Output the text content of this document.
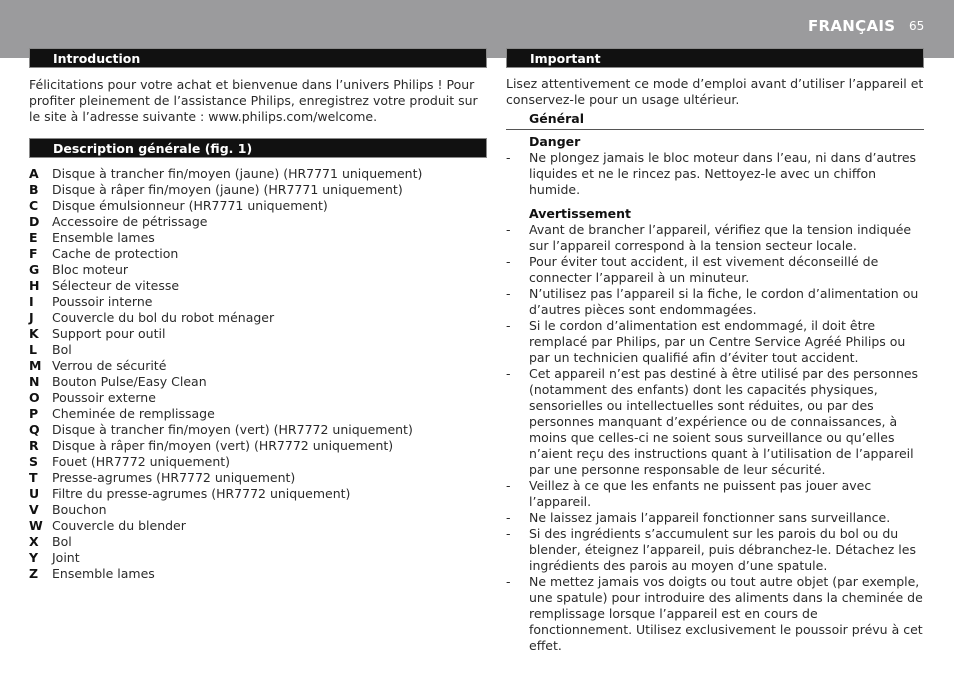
FRANÇAIS 65
Introduction

Félicitations pour votre achat et bienvenue dans l’univers Philips ! Pour profiter pleinement de l’assistance Philips, enregistrez votre produit sur le site à l’adresse suivante : www.philips.com/welcome.

Description générale (fig. 1)
A	Disque à trancher fin/moyen (jaune) (HR7771 uniquement)
B	Disque à râper fin/moyen (jaune) (HR7771 uniquement)
C	Disque émulsionneur (HR7771 uniquement)
D	Accessoire de pétrissage
E	Ensemble lames
F	Cache de protection
G	Bloc moteur
H	Sélecteur de vitesse
I	Poussoir interne
J	Couvercle du bol du robot ménager
K	Support pour outil
L	Bol
M Verrou de sécurité
N	Bouton Pulse/Easy Clean
O Poussoir externe
P	Cheminée de remplissage
Q Disque à trancher fin/moyen (vert) (HR7772 uniquement)
R	Disque à râper fin/moyen (vert) (HR7772 uniquement)
S	Fouet (HR7772 uniquement)
T	Presse-agrumes (HR7772 uniquement)
U	Filtre du presse-agrumes (HR7772 uniquement)
V	Bouchon
W Couvercle du blender
X	Bol
Y	Joint
Z	Ensemble lames
Important

Lisez attentivement ce mode d’emploi avant d’utiliser l’appareil et conservez-le pour un usage ultérieur.

Général
Danger
-	Ne plongez jamais le bloc moteur dans l’eau, ni dans d’autres liquides et ne le rincez pas. Nettoyez-le avec un chiffon humide.
Avertissement
-	Avant de brancher l’appareil, vérifiez que la tension indiquée sur l’appareil correspond à la tension secteur locale.
-	Pour éviter tout accident, il est vivement déconseillé de connecter l’appareil à un minuteur.
-	N’utilisez pas l’appareil si la fiche, le cordon d’alimentation ou d’autres pièces sont endommagées.
-	Si le cordon d’alimentation est endommagé, il doit être remplacé par Philips, par un Centre Service Agréé Philips ou par un technicien qualifié afin d’éviter tout accident.
-	Cet appareil n’est pas destiné à être utilisé par des personnes (notamment des enfants) dont les capacités physiques, sensorielles ou intellectuelles sont réduites, ou par des personnes manquant d’expérience ou de connaissances, à moins que celles-ci ne soient sous surveillance ou qu’elles n’aient reçu des instructions quant à l’utilisation de l’appareil par une personne responsable de leur sécurité.
-	Veillez à ce que les enfants ne puissent pas jouer avec l’appareil.
-	Ne laissez jamais l’appareil fonctionner sans surveillance.
-	Si des ingrédients s’accumulent sur les parois du bol ou du blender, éteignez l’appareil, puis débranchez-le. Détachez les ingrédients des parois au moyen d’une spatule.
-	Ne mettez jamais vos doigts ou tout autre objet (par exemple, une spatule) pour introduire des aliments dans la cheminée de remplissage lorsque l’appareil est en cours de fonctionnement. Utilisez exclusivement le poussoir prévu à cet effet.
